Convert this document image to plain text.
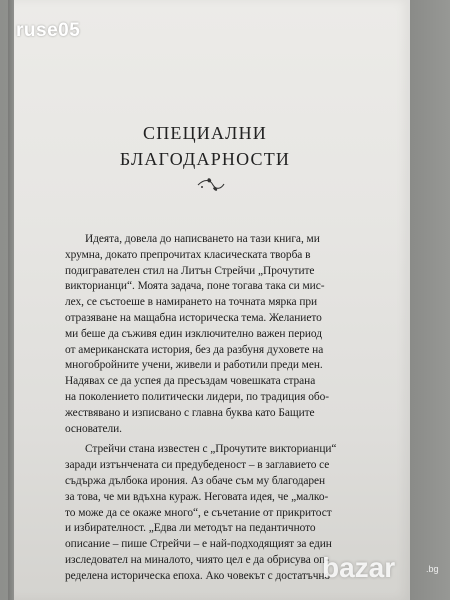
ruse05
СПЕЦИАЛНИ
БЛАГОДАРНОСТИ
Идеята, довела до написването на тази книга, ми
хрумна, докато препрочитах класическата творба в
подигравателен стил на Литън Стрейчи „Прочутите
викторианци“. Моята задача, поне тогава така си мис-
лех, се състоеше в намирането на точната мярка при
отразяване на мащабна историческа тема. Желанието
ми беше да съживя един изключително важен период
от американската история, без да разбуня духовете на
многобройните учени, живели и работили преди мен.
Надявах се да успея да пресъздам човешката страна
на поколението политически лидери, по традиция обо-
жествявано и изписвано с главна буква като Бащите
основатели.
Стрейчи стана известен с „Прочутите викторианци“
заради изтънчената си предубеденост – в заглавието се
съдържа дълбока ирония. Аз обаче съм му благодарен
за това, че ми вдъхна кураж. Неговата идея, че „малко-
то може да се окаже много“, е съчетание от прикритост
и избирателност. „Едва ли методът на педантичното
описание – пише Стрейчи – е най-подходящият за един
изследовател на миналото, чиято цел е да обрисува оп-
ределена историческа епоха. Ако човекът с достатъчно
bazar	.bg
